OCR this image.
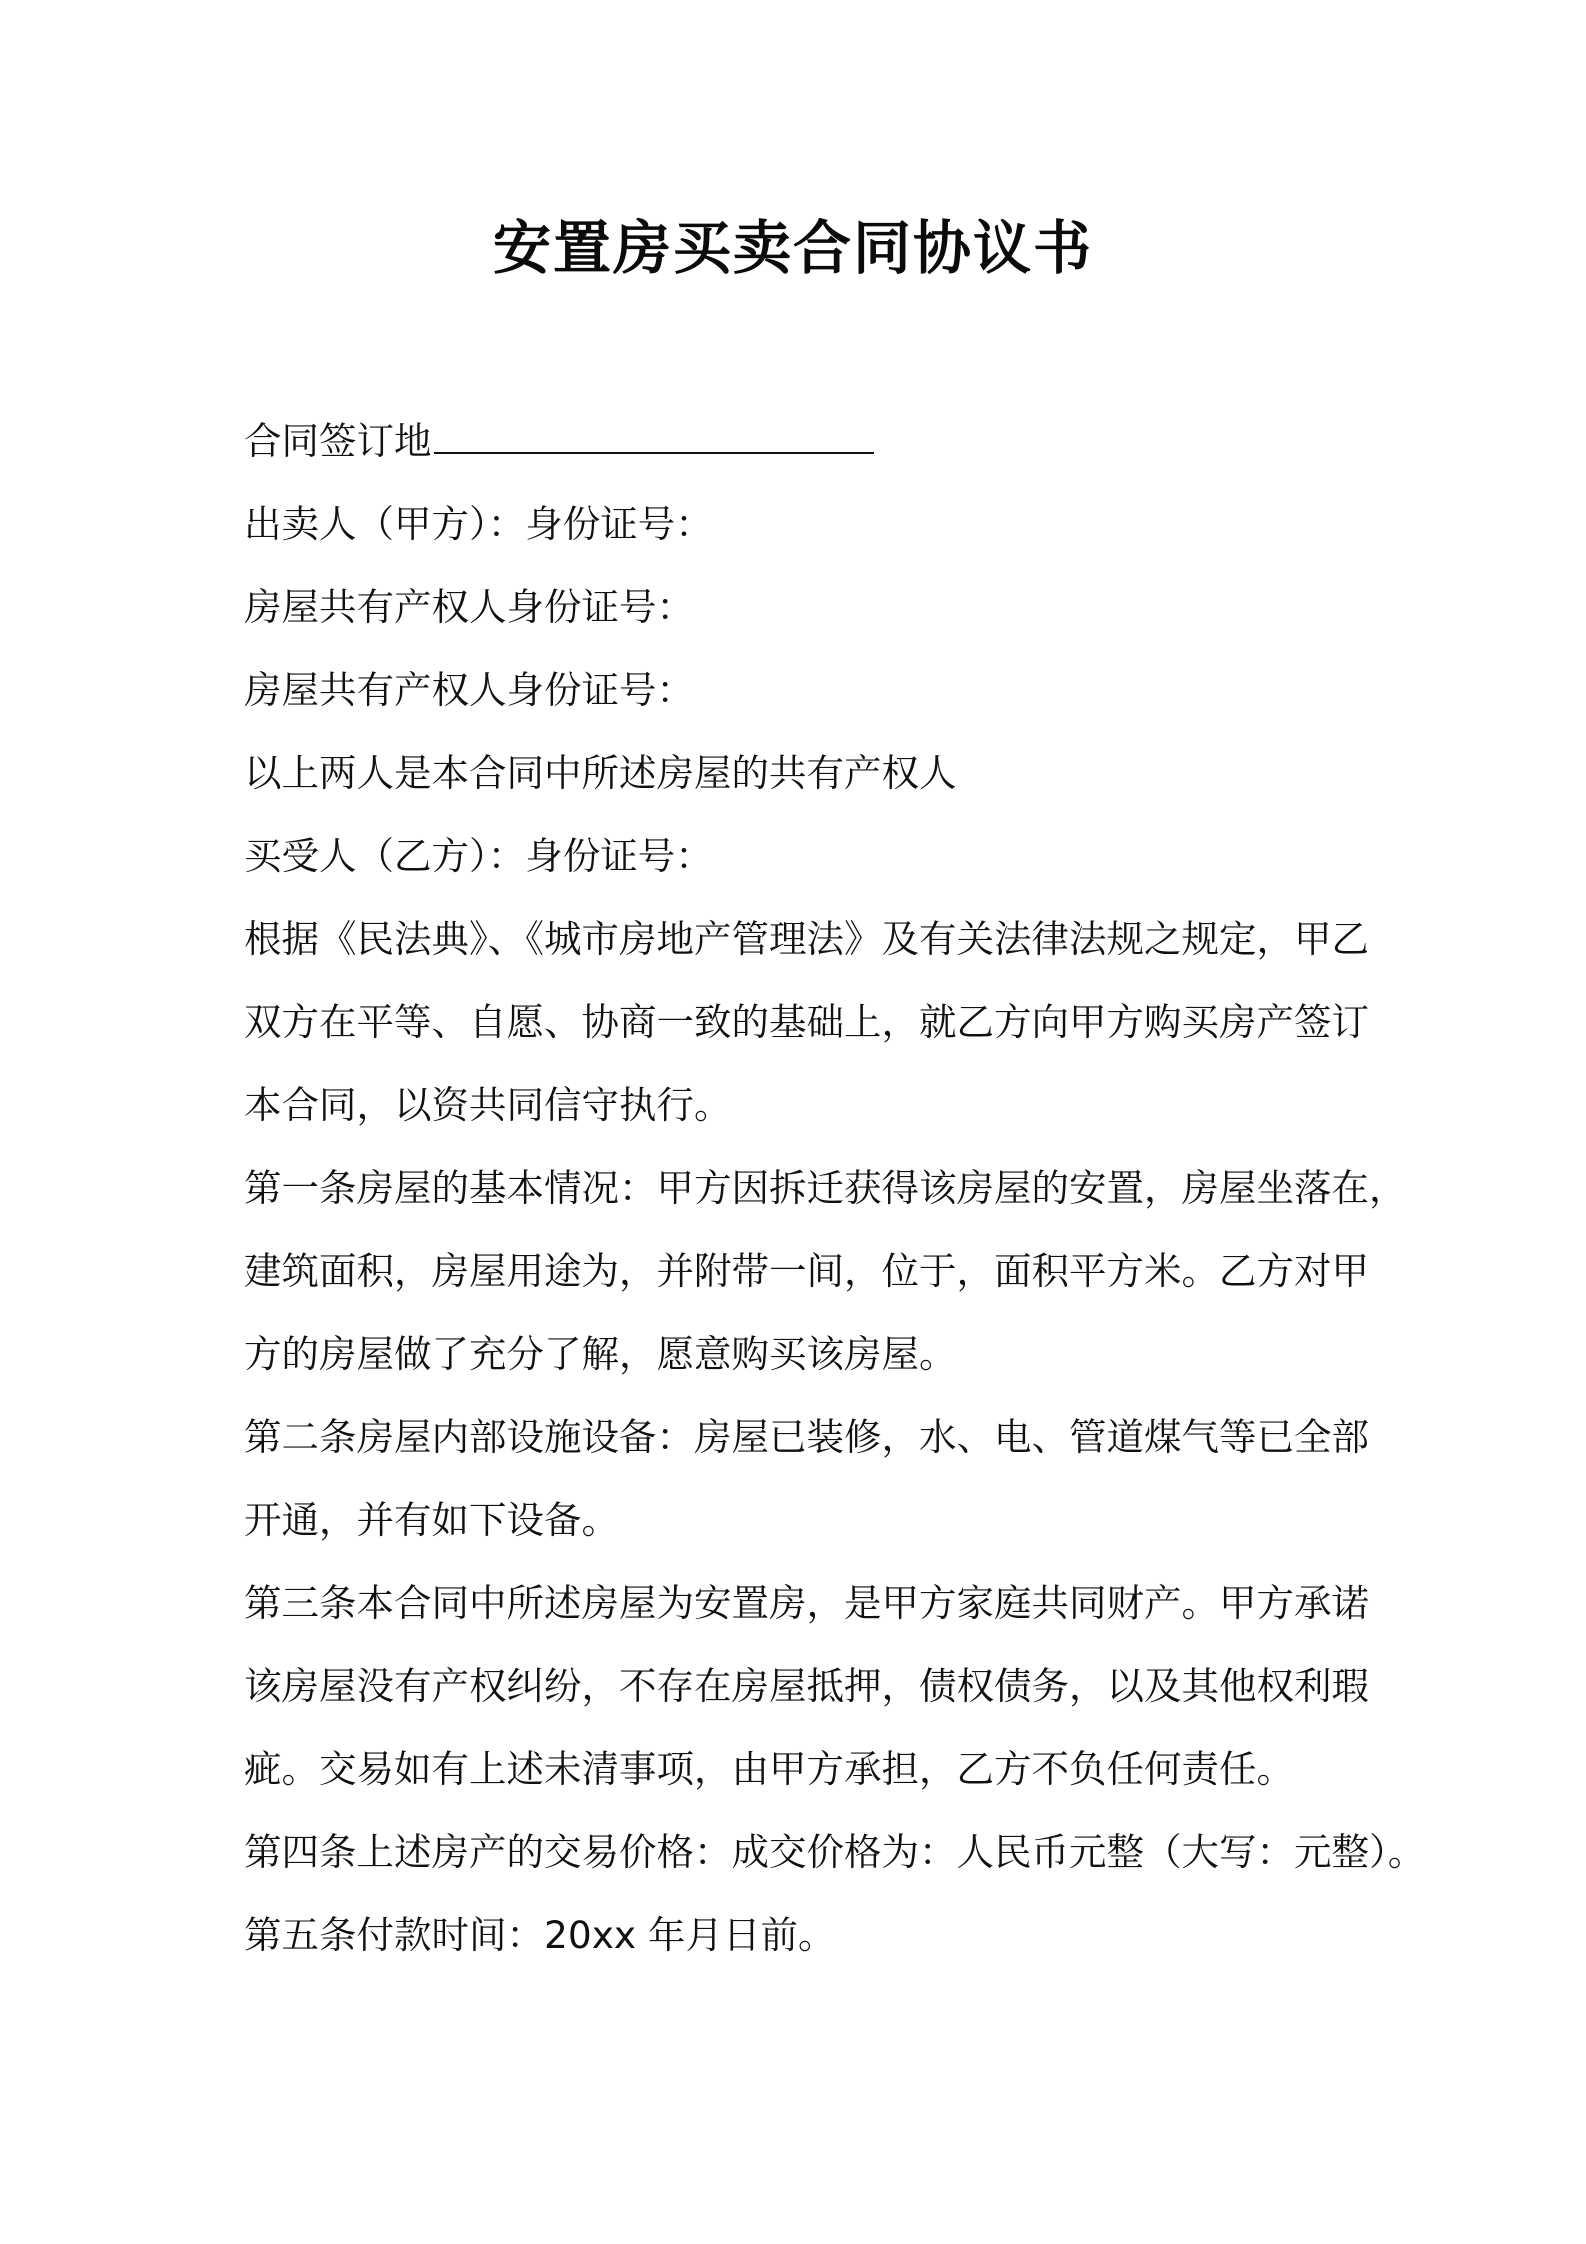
安置房买卖合同协议书
合同签订地
出卖人（甲方）：身份证号：
房屋共有产权人身份证号：
房屋共有产权人身份证号：
以上两人是本合同中所述房屋的共有产权人
买受人（乙方）：身份证号：
根据《民法典》、《城市房地产管理法》及有关法律法规之规定，甲乙
双方在平等、自愿、协商一致的基础上，就乙方向甲方购买房产签订
本合同，以资共同信守执行。
第一条房屋的基本情况：甲方因拆迁获得该房屋的安置，房屋坐落在，
建筑面积，房屋用途为，并附带一间，位于，面积平方米。乙方对甲
方的房屋做了充分了解，愿意购买该房屋。
第二条房屋内部设施设备：房屋已装修，水、电、管道煤气等已全部
开通，并有如下设备。
第三条本合同中所述房屋为安置房，是甲方家庭共同财产。甲方承诺
该房屋没有产权纠纷，不存在房屋抵押，债权债务，以及其他权利瑕
疵。交易如有上述未清事项，由甲方承担，乙方不负任何责任。
第四条上述房产的交易价格：成交价格为：人民币元整（大写：元整）。
第五条付款时间：20xx 年月日前。
